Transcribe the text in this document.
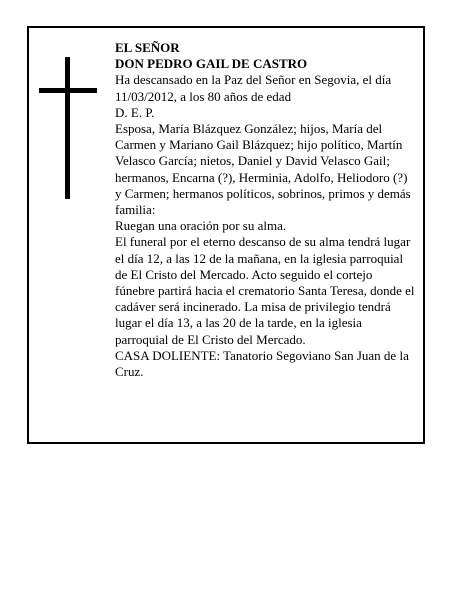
EL SEÑOR

DON PEDRO GAIL DE CASTRO

Ha descansado en la Paz del Señor en Segovia, el día 11/03/2012, a los 80 años de edad

D. E. P.

Esposa, María Blázquez González; hijos, María del Carmen y Mariano Gail Blázquez; hijo político, Martín Velasco García; nietos, Daniel y David Velasco Gail; hermanos, Encarna (?), Herminia, Adolfo, Heliodoro (?) y Carmen; hermanos políticos, sobrinos, primos y demás familia:

Ruegan una oración por su alma.

El funeral por el eterno descanso de su alma tendrá lugar el día 12, a las 12 de la mañana, en la iglesia parroquial de El Cristo del Mercado. Acto seguido el cortejo fúnebre partirá hacia el crematorio Santa Teresa, donde el cadáver será incinerado. La misa de privilegio tendrá lugar el día 13, a las 20 de la tarde, en la iglesia parroquial de El Cristo del Mercado.

CASA DOLIENTE: Tanatorio Segoviano San Juan de la Cruz.
